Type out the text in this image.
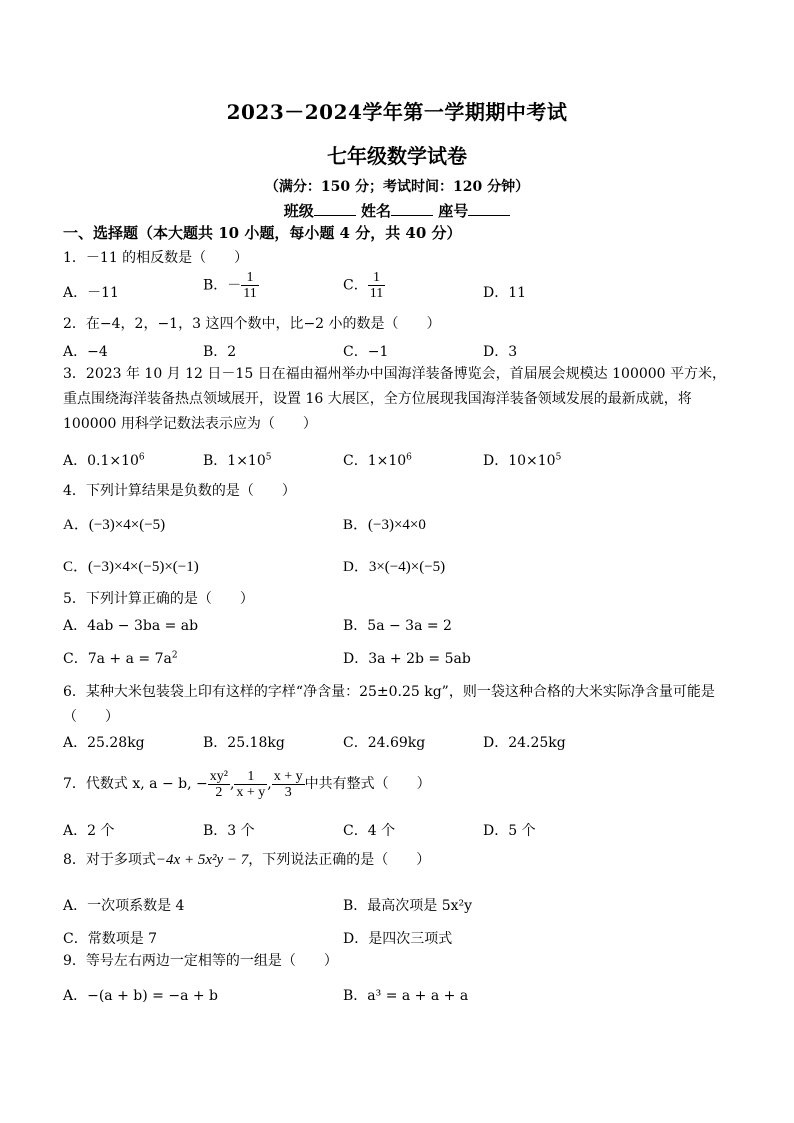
2023－2024学年第一学期期中考试
七年级数学试卷
（满分：150 分；考试时间：120 分钟）
班级	姓名	座号
一、选择题（本大题共 10 小题，每小题 4 分，共 40 分）
1．－11 的相反数是（　　）
A．－11	B．－ $\frac{1}{11}$	C． $\frac{1}{11}$	D．11
2．在−4，2，−1，3 这四个数中，比−2 小的数是（　　）
A．−4	B．2	C．−1	D．3
3．2023 年 10 月 12 日－15 日在福由福州举办中国海洋装备博览会，首届展会规模达 100000 平方米，重点围绕海洋装备热点领域展开，设置 16 大展区，全方位展现我国海洋装备领域发展的最新成就，将 100000 用科学记数法表示应为（　　）
A．$0.1\times 10^6$	B．$1\times 10^5$	C．$1\times 10^6$	D．$10\times 10^5$
4．下列计算结果是负数的是（　　）
A．(−3)×4×(−5)	B．(−3)×4×0
C．(−3)×4×(−5)×(−1)	D．3×(−4)×(−5)
5．下列计算正确的是（　　）
A．4ab − 3ba = ab	B．5a − 3a = 2
C．$7a + a = 7a^2$	D．3a + 2b = 5ab
6．某种大米包装袋上印有这样的字样“净含量：25±0.25 kg”，则一袋这种合格的大米实际净含量可能是（　　）
A．25.28kg	B．25.18kg	C．24.69kg	D．24.25kg
7．代数式 x, a − b, − $\frac{\text{xy²}}{2}$ , $\frac{1}{x + y}$ , $\frac{x + y}{3}$ 中共有整式（　　）
A．2 个	B．3 个	C．4 个	D．5 个
8．对于多项式−4x + 5x²y − 7，下列说法正确的是（　　）
A．一次项系数是 4	B．最高次项是 5x²y
C．常数项是 7	D．是四次三项式
9．等号左右两边一定相等的一组是（　　）
A．−(a + b) = −a + b	B．a³ = a + a + a
